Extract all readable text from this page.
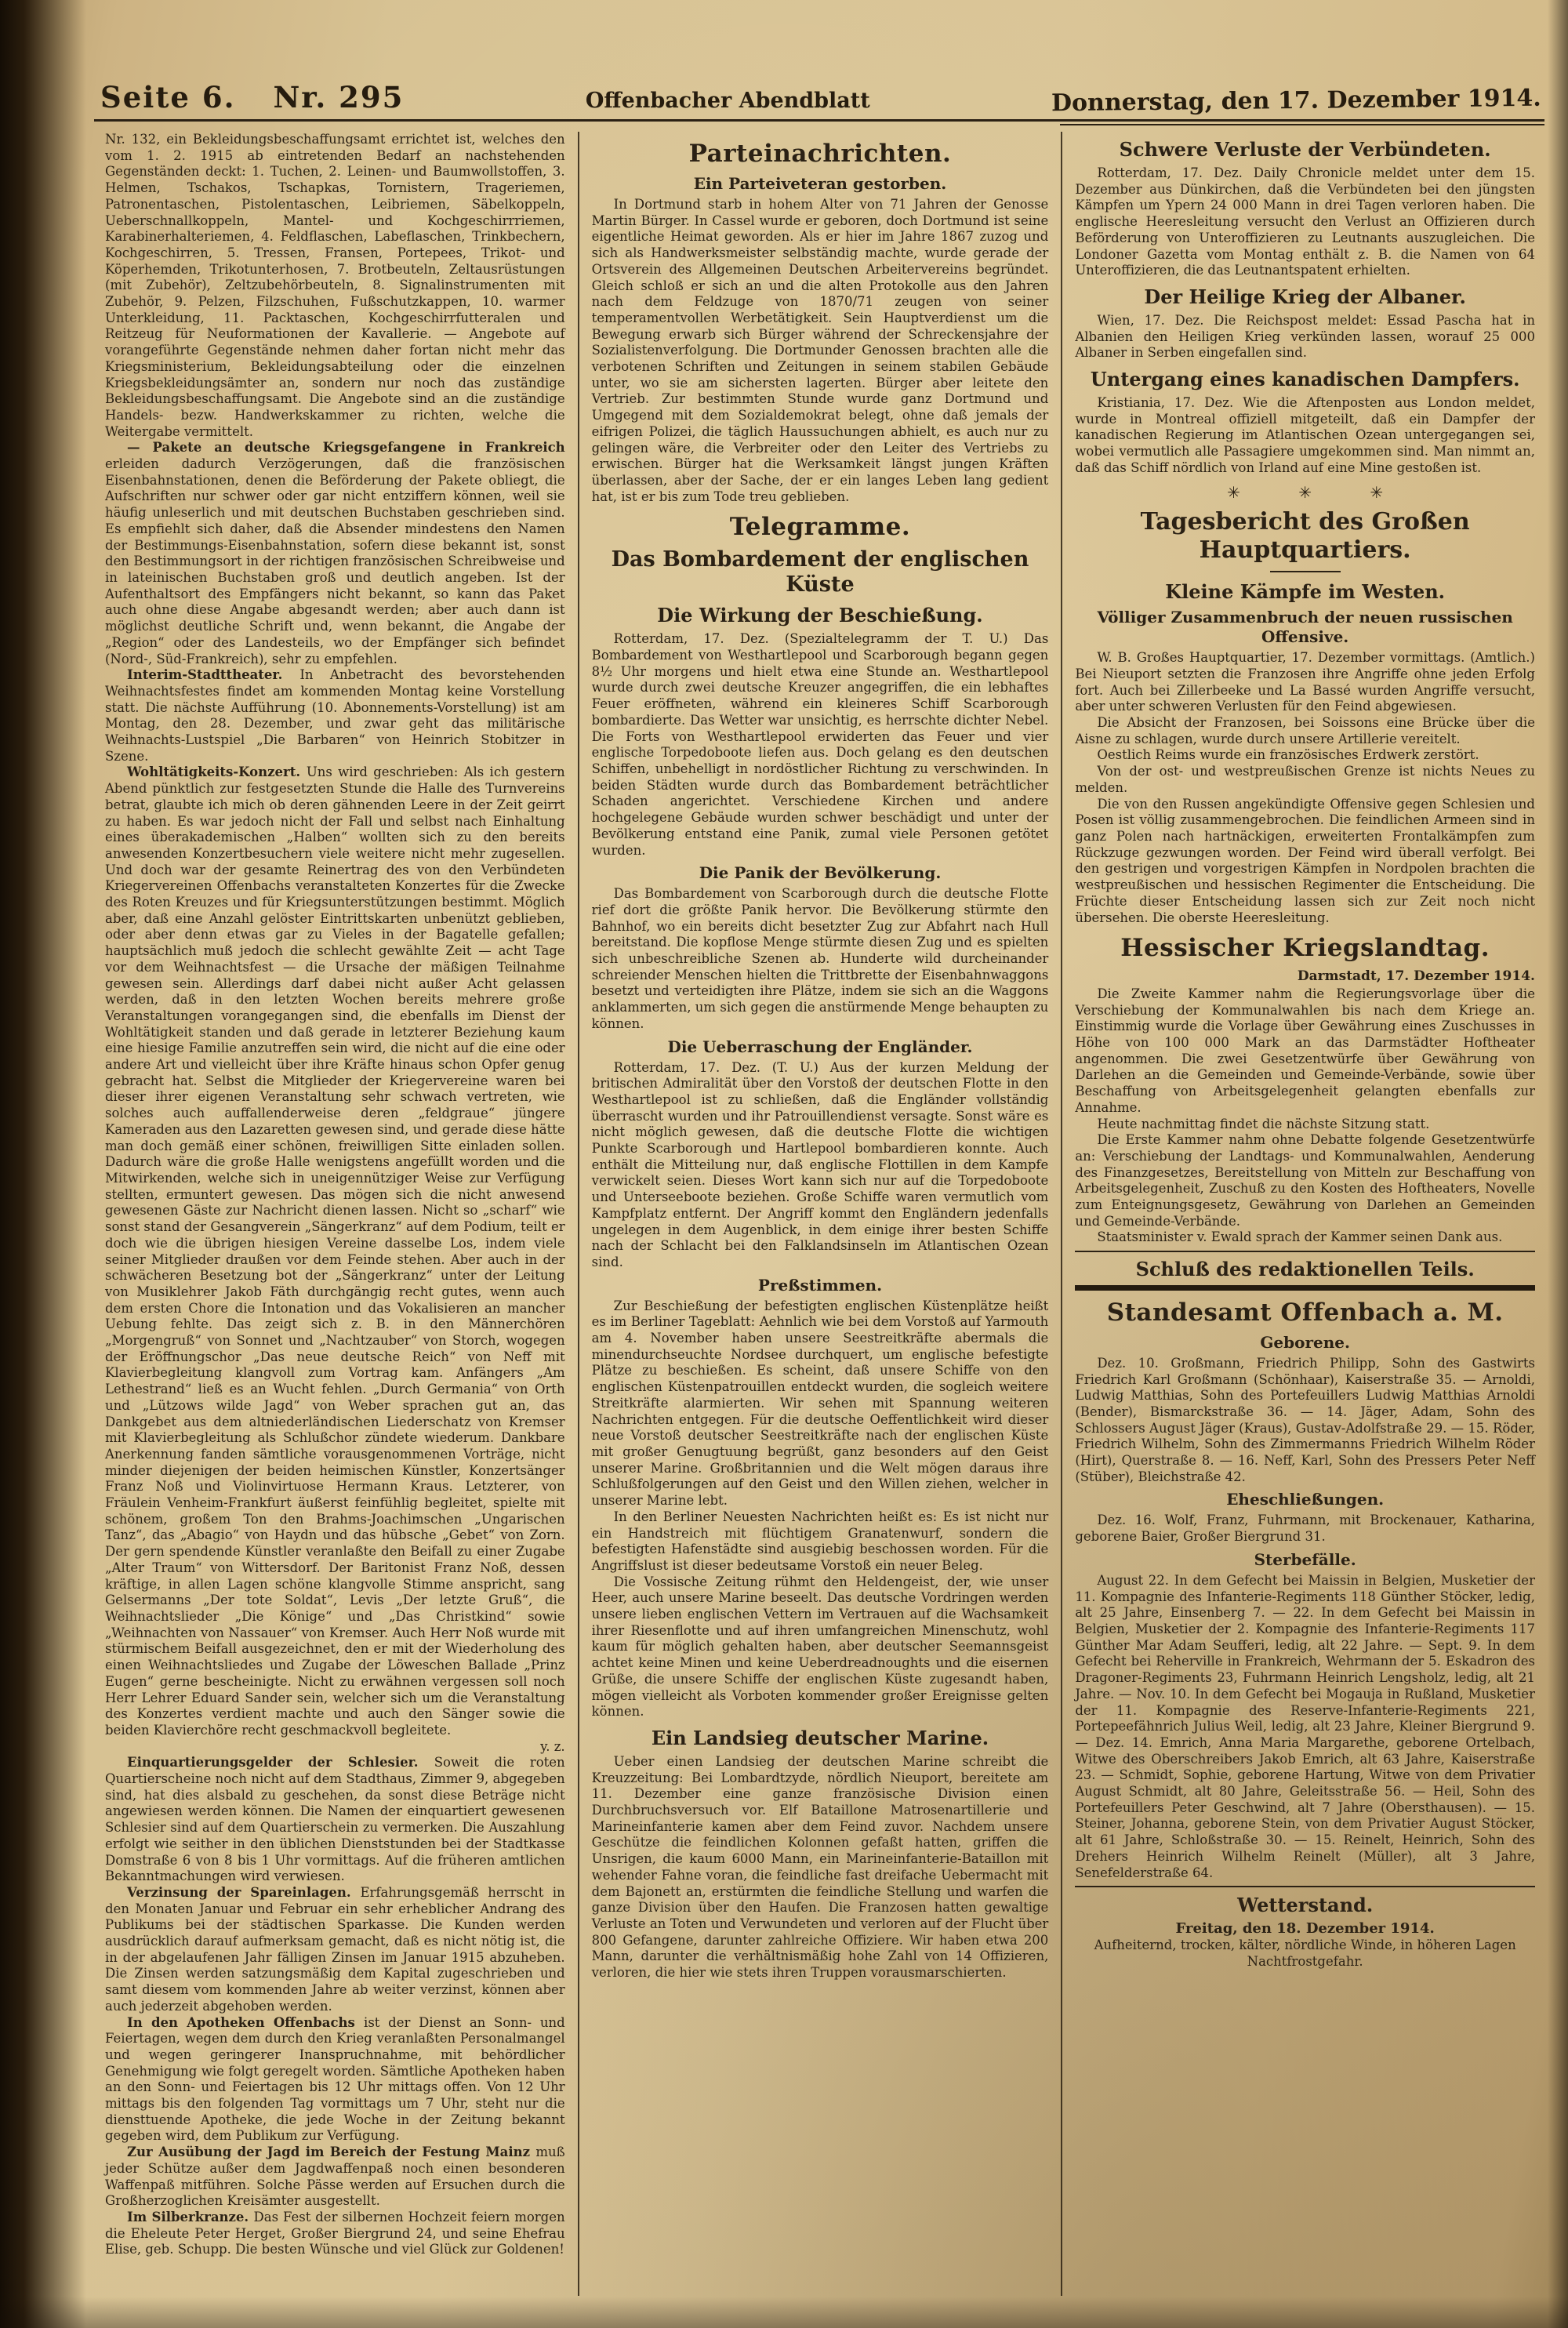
Seite 6. Nr. 295	Offenbacher Abendblatt	Donnerstag, den 17. Dezember 1914.
Nr. 132, ein Bekleidungsbeschaffungsamt errichtet ist, welches den vom 1. 2. 1915 ab eintretenden Bedarf an nachstehenden Gegenständen deckt: 1. Tuchen, 2. Leinen- und Baumwollstoffen, 3. Helmen, Tschakos, Tschapkas, Tornistern, Trageriemen, Patronentaschen, Pistolentaschen, Leibriemen, Säbelkoppeln, Ueberschnallkoppeln, Mantel- und Kochgeschirrriemen, Karabinerhalteriemen, 4. Feldflaschen, Labeflaschen, Trinkbechern, Kochgeschirren, 5. Tressen, Fransen, Portepees, Trikot- und Köperhemden, Trikotunterhosen, 7. Brotbeuteln, Zeltausrüstungen (mit Zubehör), Zeltzubehörbeuteln, 8. Signalinstrumenten mit Zubehör, 9. Pelzen, Filzschuhen, Fußschutzkappen, 10. warmer Unterkleidung, 11. Packtaschen, Kochgeschirrfutteralen und Reitzeug für Neuformationen der Kavallerie. — Angebote auf vorangeführte Gegenstände nehmen daher fortan nicht mehr das Kriegsministerium, Bekleidungsabteilung oder die einzelnen Kriegsbekleidungsämter an, sondern nur noch das zuständige Bekleidungsbeschaffungsamt. Die Angebote sind an die zuständige Handels- bezw. Handwerkskammer zu richten, welche die Weitergabe vermittelt.
— Pakete an deutsche Kriegsgefangene in Frankreich erleiden dadurch Verzögerungen, daß die französischen Eisenbahnstationen, denen die Beförderung der Pakete obliegt, die Aufschriften nur schwer oder gar nicht entziffern können, weil sie häufig unleserlich und mit deutschen Buchstaben geschrieben sind. Es empfiehlt sich daher, daß die Absender mindestens den Namen der Bestimmungs-Eisenbahnstation, sofern diese bekannt ist, sonst den Bestimmungsort in der richtigen französischen Schreibweise und in lateinischen Buchstaben groß und deutlich angeben. Ist der Aufenthaltsort des Empfängers nicht bekannt, so kann das Paket auch ohne diese Angabe abgesandt werden; aber auch dann ist möglichst deutliche Schrift und, wenn bekannt, die Angabe der „Region“ oder des Landesteils, wo der Empfänger sich befindet (Nord-, Süd-Frankreich), sehr zu empfehlen.
Interim-Stadttheater. In Anbetracht des bevorstehenden Weihnachtsfestes findet am kommenden Montag keine Vorstellung statt. Die nächste Aufführung (10. Abonnements-Vorstellung) ist am Montag, den 28. Dezember, und zwar geht das militärische Weihnachts-Lustspiel „Die Barbaren“ von Heinrich Stobitzer in Szene.
Wohltätigkeits-Konzert. Uns wird geschrieben: Als ich gestern Abend pünktlich zur festgesetzten Stunde die Halle des Turnvereins betrat, glaubte ich mich ob deren gähnenden Leere in der Zeit geirrt zu haben. Es war jedoch nicht der Fall und selbst nach Einhaltung eines überakademischen „Halben“ wollten sich zu den bereits anwesenden Konzertbesuchern viele weitere nicht mehr zugesellen. Und doch war der gesamte Reinertrag des von den Verbündeten Kriegervereinen Offenbachs veranstalteten Konzertes für die Zwecke des Roten Kreuzes und für Kriegsunterstützungen bestimmt. Möglich aber, daß eine Anzahl gelöster Eintrittskarten unbenützt geblieben, oder aber denn etwas gar zu Vieles in der Bagatelle gefallen; hauptsächlich muß jedoch die schlecht gewählte Zeit — acht Tage vor dem Weihnachtsfest — die Ursache der mäßigen Teilnahme gewesen sein. Allerdings darf dabei nicht außer Acht gelassen werden, daß in den letzten Wochen bereits mehrere große Veranstaltungen vorangegangen sind, die ebenfalls im Dienst der Wohltätigkeit standen und daß gerade in letzterer Beziehung kaum eine hiesige Familie anzutreffen sein wird, die nicht auf die eine oder andere Art und vielleicht über ihre Kräfte hinaus schon Opfer genug gebracht hat. Selbst die Mitglieder der Kriegervereine waren bei dieser ihrer eigenen Veranstaltung sehr schwach vertreten, wie solches auch auffallenderweise deren „feldgraue“ jüngere Kameraden aus den Lazaretten gewesen sind, und gerade diese hätte man doch gemäß einer schönen, freiwilligen Sitte einladen sollen. Dadurch wäre die große Halle wenigstens angefüllt worden und die Mitwirkenden, welche sich in uneigennütziger Weise zur Verfügung stellten, ermuntert gewesen. Das mögen sich die nicht anwesend gewesenen Gäste zur Nachricht dienen lassen. Nicht so „scharf“ wie sonst stand der Gesangverein „Sängerkranz“ auf dem Podium, teilt er doch wie die übrigen hiesigen Vereine dasselbe Los, indem viele seiner Mitglieder draußen vor dem Feinde stehen. Aber auch in der schwächeren Besetzung bot der „Sängerkranz“ unter der Leitung von Musiklehrer Jakob Fäth durchgängig recht gutes, wenn auch dem ersten Chore die Intonation und das Vokalisieren an mancher Uebung fehlte. Das zeigt sich z. B. in den Männerchören „Morgengruß“ von Sonnet und „Nachtzauber“ von Storch, wogegen der Eröffnungschor „Das neue deutsche Reich“ von Neff mit Klavierbegleitung klangvoll zum Vortrag kam. Anfängers „Am Lethestrand“ ließ es an Wucht fehlen. „Durch Germania“ von Orth und „Lützows wilde Jagd“ von Weber sprachen gut an, das Dankgebet aus dem altniederländischen Liederschatz von Kremser mit Klavierbegleitung als Schlußchor zündete wiederum. Dankbare Anerkennung fanden sämtliche vorausgenommenen Vorträge, nicht minder diejenigen der beiden heimischen Künstler, Konzertsänger Franz Noß und Violinvirtuose Hermann Kraus. Letzterer, von Fräulein Venheim-Frankfurt äußerst feinfühlig begleitet, spielte mit schönem, großem Ton den Brahms-Joachimschen „Ungarischen Tanz“, das „Abagio“ von Haydn und das hübsche „Gebet“ von Zorn. Der gern spendende Künstler veranlaßte den Beifall zu einer Zugabe „Alter Traum“ von Wittersdorf. Der Baritonist Franz Noß, dessen kräftige, in allen Lagen schöne klangvolle Stimme anspricht, sang Gelsermanns „Der tote Soldat“, Levis „Der letzte Gruß“, die Weihnachtslieder „Die Könige“ und „Das Christkind“ sowie „Weihnachten von Nassauer“ von Kremser. Auch Herr Noß wurde mit stürmischem Beifall ausgezeichnet, den er mit der Wiederholung des einen Weihnachtsliedes und Zugabe der Löweschen Ballade „Prinz Eugen“ gerne bescheinigte. Nicht zu erwähnen vergessen soll noch Herr Lehrer Eduard Sander sein, welcher sich um die Veranstaltung des Konzertes verdient machte und auch den Sänger sowie die beiden Klavierchöre recht geschmackvoll begleitete.
y. z.
Einquartierungsgelder der Schlesier. Soweit die roten Quartierscheine noch nicht auf dem Stadthaus, Zimmer 9, abgegeben sind, hat dies alsbald zu geschehen, da sonst diese Beträge nicht angewiesen werden können. Die Namen der einquartiert gewesenen Schlesier sind auf dem Quartierschein zu vermerken. Die Auszahlung erfolgt wie seither in den üblichen Dienststunden bei der Stadtkasse Domstraße 6 von 8 bis 1 Uhr vormittags. Auf die früheren amtlichen Bekanntmachungen wird verwiesen.
Verzinsung der Spareinlagen. Erfahrungsgemäß herrscht in den Monaten Januar und Februar ein sehr erheblicher Andrang des Publikums bei der städtischen Sparkasse. Die Kunden werden ausdrücklich darauf aufmerksam gemacht, daß es nicht nötig ist, die in der abgelaufenen Jahr fälligen Zinsen im Januar 1915 abzuheben. Die Zinsen werden satzungsmäßig dem Kapital zugeschrieben und samt diesem vom kommenden Jahre ab weiter verzinst, können aber auch jederzeit abgehoben werden.
In den Apotheken Offenbachs ist der Dienst an Sonn- und Feiertagen, wegen dem durch den Krieg veranlaßten Personalmangel und wegen geringerer Inanspruchnahme, mit behördlicher Genehmigung wie folgt geregelt worden. Sämtliche Apotheken haben an den Sonn- und Feiertagen bis 12 Uhr mittags offen. Von 12 Uhr mittags bis den folgenden Tag vormittags um 7 Uhr, steht nur die diensttuende Apotheke, die jede Woche in der Zeitung bekannt gegeben wird, dem Publikum zur Verfügung.
Zur Ausübung der Jagd im Bereich der Festung Mainz muß jeder Schütze außer dem Jagdwaffenpaß noch einen besonderen Waffenpaß mitführen. Solche Pässe werden auf Ersuchen durch die Großherzoglichen Kreisämter ausgestellt.
Im Silberkranze. Das Fest der silbernen Hochzeit feiern morgen die Eheleute Peter Herget, Großer Biergrund 24, und seine Ehefrau Elise, geb. Schupp. Die besten Wünsche und viel Glück zur Goldenen!
Parteinachrichten.
Ein Parteiveteran gestorben.
In Dortmund starb in hohem Alter von 71 Jahren der Genosse Martin Bürger. In Cassel wurde er geboren, doch Dortmund ist seine eigentliche Heimat geworden. Als er hier im Jahre 1867 zuzog und sich als Handwerksmeister selbständig machte, wurde gerade der Ortsverein des Allgemeinen Deutschen Arbeitervereins begründet. Gleich schloß er sich an und die alten Protokolle aus den Jahren nach dem Feldzuge von 1870/71 zeugen von seiner temperamentvollen Werbetätigkeit. Sein Hauptverdienst um die Bewegung erwarb sich Bürger während der Schreckensjahre der Sozialistenverfolgung. Die Dortmunder Genossen brachten alle die verbotenen Schriften und Zeitungen in seinem stabilen Gebäude unter, wo sie am sichersten lagerten. Bürger aber leitete den Vertrieb. Zur bestimmten Stunde wurde ganz Dortmund und Umgegend mit dem Sozialdemokrat belegt, ohne daß jemals der eifrigen Polizei, die täglich Haussuchungen abhielt, es auch nur zu gelingen wäre, die Verbreiter oder den Leiter des Vertriebs zu erwischen. Bürger hat die Werksamkeit längst jungen Kräften überlassen, aber der Sache, der er ein langes Leben lang gedient hat, ist er bis zum Tode treu geblieben.
Telegramme.
Das Bombardement der englischen Küste
Die Wirkung der Beschießung.
Rotterdam, 17. Dez. (Spezialtelegramm der T. U.) Das Bombardement von Westhartlepool und Scarborough begann gegen 8½ Uhr morgens und hielt etwa eine Stunde an. Westhartlepool wurde durch zwei deutsche Kreuzer angegriffen, die ein lebhaftes Feuer eröffneten, während ein kleineres Schiff Scarborough bombardierte. Das Wetter war unsichtig, es herrschte dichter Nebel. Die Forts von Westhartlepool erwiderten das Feuer und vier englische Torpedoboote liefen aus. Doch gelang es den deutschen Schiffen, unbehelligt in nordöstlicher Richtung zu verschwinden. In beiden Städten wurde durch das Bombardement beträchtlicher Schaden angerichtet. Verschiedene Kirchen und andere hochgelegene Gebäude wurden schwer beschädigt und unter der Bevölkerung entstand eine Panik, zumal viele Personen getötet wurden.
Die Panik der Bevölkerung.
Das Bombardement von Scarborough durch die deutsche Flotte rief dort die größte Panik hervor. Die Bevölkerung stürmte den Bahnhof, wo ein bereits dicht besetzter Zug zur Abfahrt nach Hull bereitstand. Die kopflose Menge stürmte diesen Zug und es spielten sich unbeschreibliche Szenen ab. Hunderte wild durcheinander schreiender Menschen hielten die Trittbrette der Eisenbahnwaggons besetzt und verteidigten ihre Plätze, indem sie sich an die Waggons anklammerten, um sich gegen die anstürmende Menge behaupten zu können.
Die Ueberraschung der Engländer.
Rotterdam, 17. Dez. (T. U.) Aus der kurzen Meldung der britischen Admiralität über den Vorstoß der deutschen Flotte in den Westhartlepool ist zu schließen, daß die Engländer vollständig überrascht wurden und ihr Patrouillendienst versagte. Sonst wäre es nicht möglich gewesen, daß die deutsche Flotte die wichtigen Punkte Scarborough und Hartlepool bombardieren konnte. Auch enthält die Mitteilung nur, daß englische Flottillen in dem Kampfe verwickelt seien. Dieses Wort kann sich nur auf die Torpedoboote und Unterseeboote beziehen. Große Schiffe waren vermutlich vom Kampfplatz entfernt. Der Angriff kommt den Engländern jedenfalls ungelegen in dem Augenblick, in dem einige ihrer besten Schiffe nach der Schlacht bei den Falklandsinseln im Atlantischen Ozean sind.
Preßstimmen.
Zur Beschießung der befestigten englischen Küstenplätze heißt es im Berliner Tageblatt: Aehnlich wie bei dem Vorstoß auf Yarmouth am 4. November haben unsere Seestreitkräfte abermals die minendurchseuchte Nordsee durchquert, um englische befestigte Plätze zu beschießen. Es scheint, daß unsere Schiffe von den englischen Küstenpatrouillen entdeckt wurden, die sogleich weitere Streitkräfte alarmierten. Wir sehen mit Spannung weiteren Nachrichten entgegen. Für die deutsche Oeffentlichkeit wird dieser neue Vorstoß deutscher Seestreitkräfte nach der englischen Küste mit großer Genugtuung begrüßt, ganz besonders auf den Geist unserer Marine. Großbritannien und die Welt mögen daraus ihre Schlußfolgerungen auf den Geist und den Willen ziehen, welcher in unserer Marine lebt.
In den Berliner Neuesten Nachrichten heißt es: Es ist nicht nur ein Handstreich mit flüchtigem Granatenwurf, sondern die befestigten Hafenstädte sind ausgiebig beschossen worden. Für die Angriffslust ist dieser bedeutsame Vorstoß ein neuer Beleg.
Die Vossische Zeitung rühmt den Heldengeist, der, wie unser Heer, auch unsere Marine beseelt. Das deutsche Vordringen werden unsere lieben englischen Vettern im Vertrauen auf die Wachsamkeit ihrer Riesenflotte und auf ihren umfangreichen Minenschutz, wohl kaum für möglich gehalten haben, aber deutscher Seemannsgeist achtet keine Minen und keine Ueberdreadnoughts und die eisernen Grüße, die unsere Schiffe der englischen Küste zugesandt haben, mögen vielleicht als Vorboten kommender großer Ereignisse gelten können.
Ein Landsieg deutscher Marine.
Ueber einen Landsieg der deutschen Marine schreibt die Kreuzzeitung: Bei Lombardtzyde, nördlich Nieuport, bereitete am 11. Dezember eine ganze französische Division einen Durchbruchsversuch vor. Elf Bataillone Matrosenartillerie und Marineinfanterie kamen aber dem Feind zuvor. Nachdem unsere Geschütze die feindlichen Kolonnen gefaßt hatten, griffen die Unsrigen, die kaum 6000 Mann, ein Marineinfanterie-Bataillon mit wehender Fahne voran, die feindliche fast dreifache Uebermacht mit dem Bajonett an, erstürmten die feindliche Stellung und warfen die ganze Division über den Haufen. Die Franzosen hatten gewaltige Verluste an Toten und Verwundeten und verloren auf der Flucht über 800 Gefangene, darunter zahlreiche Offiziere. Wir haben etwa 200 Mann, darunter die verhältnismäßig hohe Zahl von 14 Offizieren, verloren, die hier wie stets ihren Truppen vorausmarschierten.
Schwere Verluste der Verbündeten.
Rotterdam, 17. Dez. Daily Chronicle meldet unter dem 15. Dezember aus Dünkirchen, daß die Verbündeten bei den jüngsten Kämpfen um Ypern 24 000 Mann in drei Tagen verloren haben. Die englische Heeresleitung versucht den Verlust an Offizieren durch Beförderung von Unteroffizieren zu Leutnants auszugleichen. Die Londoner Gazetta vom Montag enthält z. B. die Namen von 64 Unteroffizieren, die das Leutnantspatent erhielten.
Der Heilige Krieg der Albaner.
Wien, 17. Dez. Die Reichspost meldet: Essad Pascha hat in Albanien den Heiligen Krieg verkünden lassen, worauf 25 000 Albaner in Serben eingefallen sind.
Untergang eines kanadischen Dampfers.
Kristiania, 17. Dez. Wie die Aftenposten aus London meldet, wurde in Montreal offiziell mitgeteilt, daß ein Dampfer der kanadischen Regierung im Atlantischen Ozean untergegangen sei, wobei vermutlich alle Passagiere umgekommen sind. Man nimmt an, daß das Schiff nördlich von Irland auf eine Mine gestoßen ist.
✳ ✳ ✳
Tagesbericht des Großen Hauptquartiers.
Kleine Kämpfe im Westen.
Völliger Zusammenbruch der neuen russischen Offensive.
W. B. Großes Hauptquartier, 17. Dezember vormittags. (Amtlich.) Bei Nieuport setzten die Franzosen ihre Angriffe ohne jeden Erfolg fort. Auch bei Zillerbeeke und La Bassé wurden Angriffe versucht, aber unter schweren Verlusten für den Feind abgewiesen.
Die Absicht der Franzosen, bei Soissons eine Brücke über die Aisne zu schlagen, wurde durch unsere Artillerie vereitelt.
Oestlich Reims wurde ein französisches Erdwerk zerstört.
Von der ost- und westpreußischen Grenze ist nichts Neues zu melden.
Die von den Russen angekündigte Offensive gegen Schlesien und Posen ist völlig zusammengebrochen. Die feindlichen Armeen sind in ganz Polen nach hartnäckigen, erweiterten Frontalkämpfen zum Rückzuge gezwungen worden. Der Feind wird überall verfolgt. Bei den gestrigen und vorgestrigen Kämpfen in Nordpolen brachten die westpreußischen und hessischen Regimenter die Entscheidung. Die Früchte dieser Entscheidung lassen sich zur Zeit noch nicht übersehen. Die oberste Heeresleitung.
Hessischer Kriegslandtag.
Darmstadt, 17. Dezember 1914.
Die Zweite Kammer nahm die Regierungsvorlage über die Verschiebung der Kommunalwahlen bis nach dem Kriege an. Einstimmig wurde die Vorlage über Gewährung eines Zuschusses in Höhe von 100 000 Mark an das Darmstädter Hoftheater angenommen. Die zwei Gesetzentwürfe über Gewährung von Darlehen an die Gemeinden und Gemeinde-Verbände, sowie über Beschaffung von Arbeitsgelegenheit gelangten ebenfalls zur Annahme.
Heute nachmittag findet die nächste Sitzung statt.
Die Erste Kammer nahm ohne Debatte folgende Gesetzentwürfe an: Verschiebung der Landtags- und Kommunalwahlen, Aenderung des Finanzgesetzes, Bereitstellung von Mitteln zur Beschaffung von Arbeitsgelegenheit, Zuschuß zu den Kosten des Hoftheaters, Novelle zum Enteignungsgesetz, Gewährung von Darlehen an Gemeinden und Gemeinde-Verbände.
Staatsminister v. Ewald sprach der Kammer seinen Dank aus.
Schluß des redaktionellen Teils.
Standesamt Offenbach a. M.
Geborene.
Dez. 10. Großmann, Friedrich Philipp, Sohn des Gastwirts Friedrich Karl Großmann (Schönhaar), Kaiserstraße 35. — Arnoldi, Ludwig Matthias, Sohn des Portefeuillers Ludwig Matthias Arnoldi (Bender), Bismarckstraße 36. — 14. Jäger, Adam, Sohn des Schlossers August Jäger (Kraus), Gustav-Adolfstraße 29. — 15. Röder, Friedrich Wilhelm, Sohn des Zimmermanns Friedrich Wilhelm Röder (Hirt), Querstraße 8. — 16. Neff, Karl, Sohn des Pressers Peter Neff (Stüber), Bleichstraße 42.
Eheschließungen.
Dez. 16. Wolf, Franz, Fuhrmann, mit Brockenauer, Katharina, geborene Baier, Großer Biergrund 31.
Sterbefälle.
August 22. In dem Gefecht bei Maissin in Belgien, Musketier der 11. Kompagnie des Infanterie-Regiments 118 Günther Stöcker, ledig, alt 25 Jahre, Einsenberg 7. — 22. In dem Gefecht bei Maissin in Belgien, Musketier der 2. Kompagnie des Infanterie-Regiments 117 Günther Mar Adam Seufferi, ledig, alt 22 Jahre. — Sept. 9. In dem Gefecht bei Reherville in Frankreich, Wehrmann der 5. Eskadron des Dragoner-Regiments 23, Fuhrmann Heinrich Lengsholz, ledig, alt 21 Jahre. — Nov. 10. In dem Gefecht bei Mogauja in Rußland, Musketier der 11. Kompagnie des Reserve-Infanterie-Regiments 221, Portepeefähnrich Julius Weil, ledig, alt 23 Jahre, Kleiner Biergrund 9. — Dez. 14. Emrich, Anna Maria Margarethe, geborene Ortelbach, Witwe des Oberschreibers Jakob Emrich, alt 63 Jahre, Kaiserstraße 23. — Schmidt, Sophie, geborene Hartung, Witwe von dem Privatier August Schmidt, alt 80 Jahre, Geleitsstraße 56. — Heil, Sohn des Portefeuillers Peter Geschwind, alt 7 Jahre (Obersthausen). — 15. Steiner, Johanna, geborene Stein, von dem Privatier August Stöcker, alt 61 Jahre, Schloßstraße 30. — 15. Reinelt, Heinrich, Sohn des Drehers Heinrich Wilhelm Reinelt (Müller), alt 3 Jahre, Senefelderstraße 64.
Wetterstand.
Freitag, den 18. Dezember 1914.
Aufheiternd, trocken, kälter, nördliche Winde, in höheren Lagen Nachtfrostgefahr.
